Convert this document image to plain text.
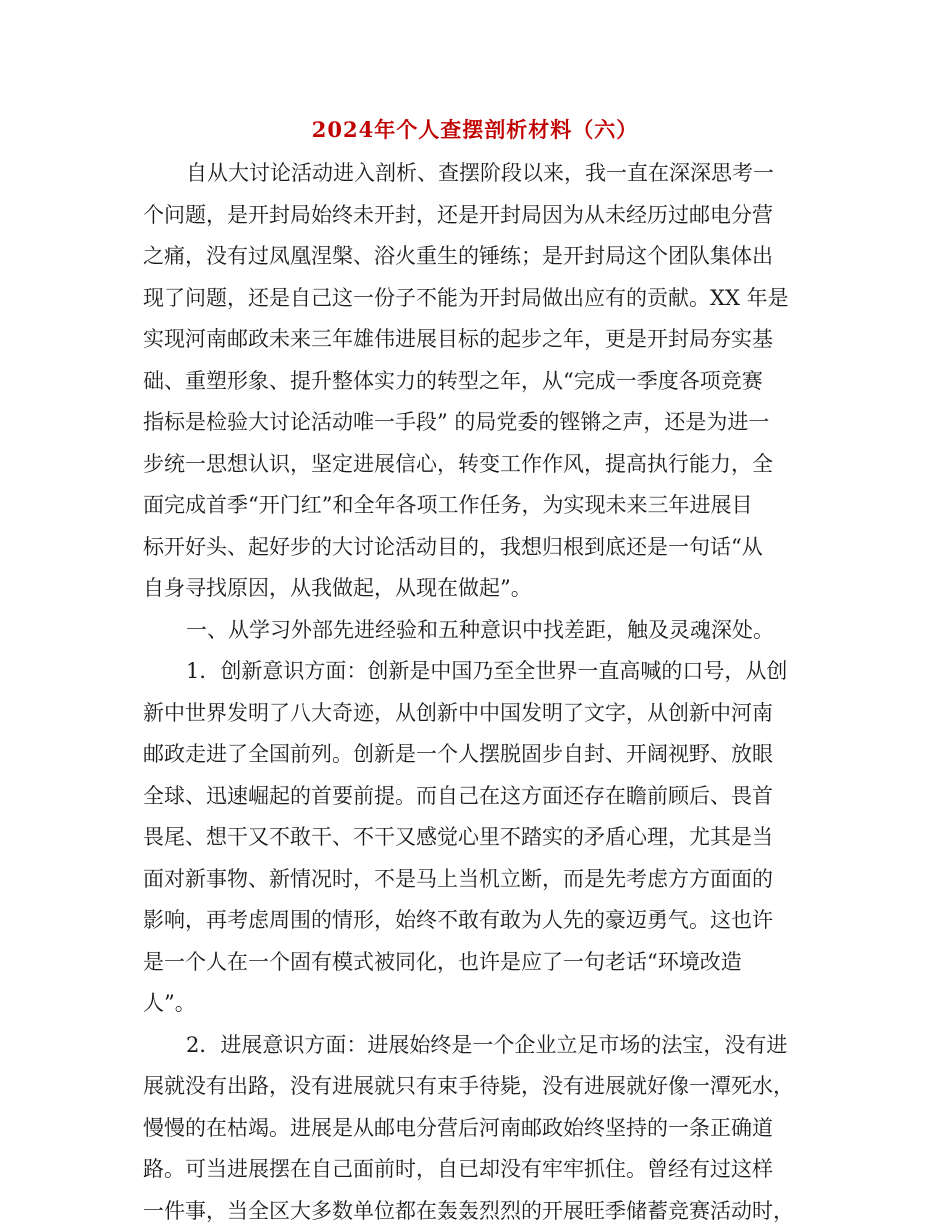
2024年个人查摆剖析材料（六）
自从大讨论活动进入剖析、查摆阶段以来，我一直在深深思考一
个问题，是开封局始终未开封，还是开封局因为从未经历过邮电分营
之痛，没有过凤凰涅槃、浴火重生的锤练；是开封局这个团队集体出
现了问题，还是自己这一份子不能为开封局做出应有的贡献。XX 年是
实现河南邮政未来三年雄伟进展目标的起步之年，更是开封局夯实基
础、重塑形象、提升整体实力的转型之年，从“完成一季度各项竞赛
指标是检验大讨论活动唯一手段” 的局党委的铿锵之声，还是为进一
步统一思想认识，坚定进展信心，转变工作作风，提高执行能力，全
面完成首季“开门红”和全年各项工作任务，为实现未来三年进展目
标开好头、起好步的大讨论活动目的，我想归根到底还是一句话“从
自身寻找原因，从我做起，从现在做起”。
一、从学习外部先进经验和五种意识中找差距，触及灵魂深处。
1．创新意识方面：创新是中国乃至全世界一直高喊的口号，从创
新中世界发明了八大奇迹，从创新中中国发明了文字，从创新中河南
邮政走进了全国前列。创新是一个人摆脱固步自封、开阔视野、放眼
全球、迅速崛起的首要前提。而自己在这方面还存在瞻前顾后、畏首
畏尾、想干又不敢干、不干又感觉心里不踏实的矛盾心理，尤其是当
面对新事物、新情况时，不是马上当机立断，而是先考虑方方面面的
影响，再考虑周围的情形，始终不敢有敢为人先的豪迈勇气。这也许
是一个人在一个固有模式被同化，也许是应了一句老话“环境改造
人”。
2．进展意识方面：进展始终是一个企业立足市场的法宝，没有进
展就没有出路，没有进展就只有束手待毙，没有进展就好像一潭死水，
慢慢的在枯竭。进展是从邮电分营后河南邮政始终坚持的一条正确道
路。可当进展摆在自己面前时，自已却没有牢牢抓住。曾经有过这样
一件事，当全区大多数单位都在轰轰烈烈的开展旺季储蓄竞赛活动时，
